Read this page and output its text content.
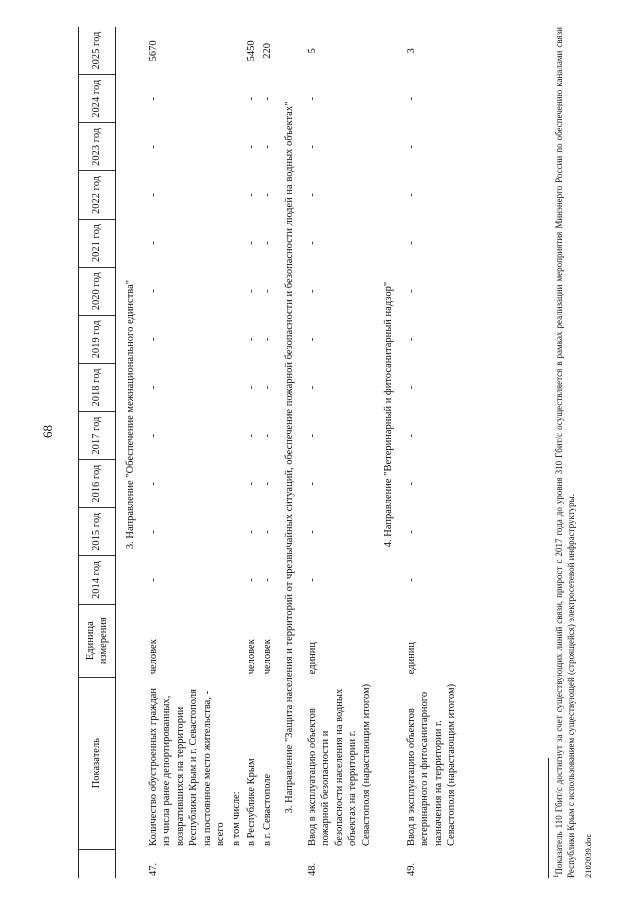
68
	Показатель	Единица измерения	2014 год	2015 год	2016 год	2017 год	2018 год	2019 год	2020 год	2021 год	2022 год	2023 год	2024 год	2025 год
3. Направление "Обеспечение межнационального единства"														
47.	Количество обустроенных граждан из числа ранее депортированных, возвратившихся на территории Республики Крым и г. Севастополя на постоянное место жительства, - всего	человек	-	-	-	-	-	-	-	-	-	-	-	5670
	в том числе:													
	в Республике Крым	человек	-	-	-	-	-	-	-	-	-	-	-	5450
	в г. Севастополе	человек	-	-	-	-	-	-	-	-	-	-	-	220
3. Направление "Защита населения и территорий от чрезвычайных ситуаций, обеспечение пожарной безопасности и безопасности людей на водных объектах"														
48.	Ввод в эксплуатацию объектов пожарной безопасности и безопасности населения на водных объектах на территории г. Севастополя (нарастающим итогом)	единиц	-	-	-	-	-	-	-	-	-	-	-	5
4. Направление "Ветеринарный и фитосанитарный надзор"														
49.	Ввод в эксплуатацию объектов ветеринарного и фитосанитарного назначения на территории г. Севастополя (нарастающим итогом)	единиц	-	-	-	-	-	-	-	-	-	-	-	3
$^1$Показатель 110 Гбит/с достигнут за счет существующих линий связи, прирост с 2017 года до уровня 310 Гбит/с осуществляется в рамках реализации мероприятия Минэнерго России по обеспечению каналами связи Республики Крым с использованием существующей (строящейся) электросетевой инфраструктуры. 2102039.doc
